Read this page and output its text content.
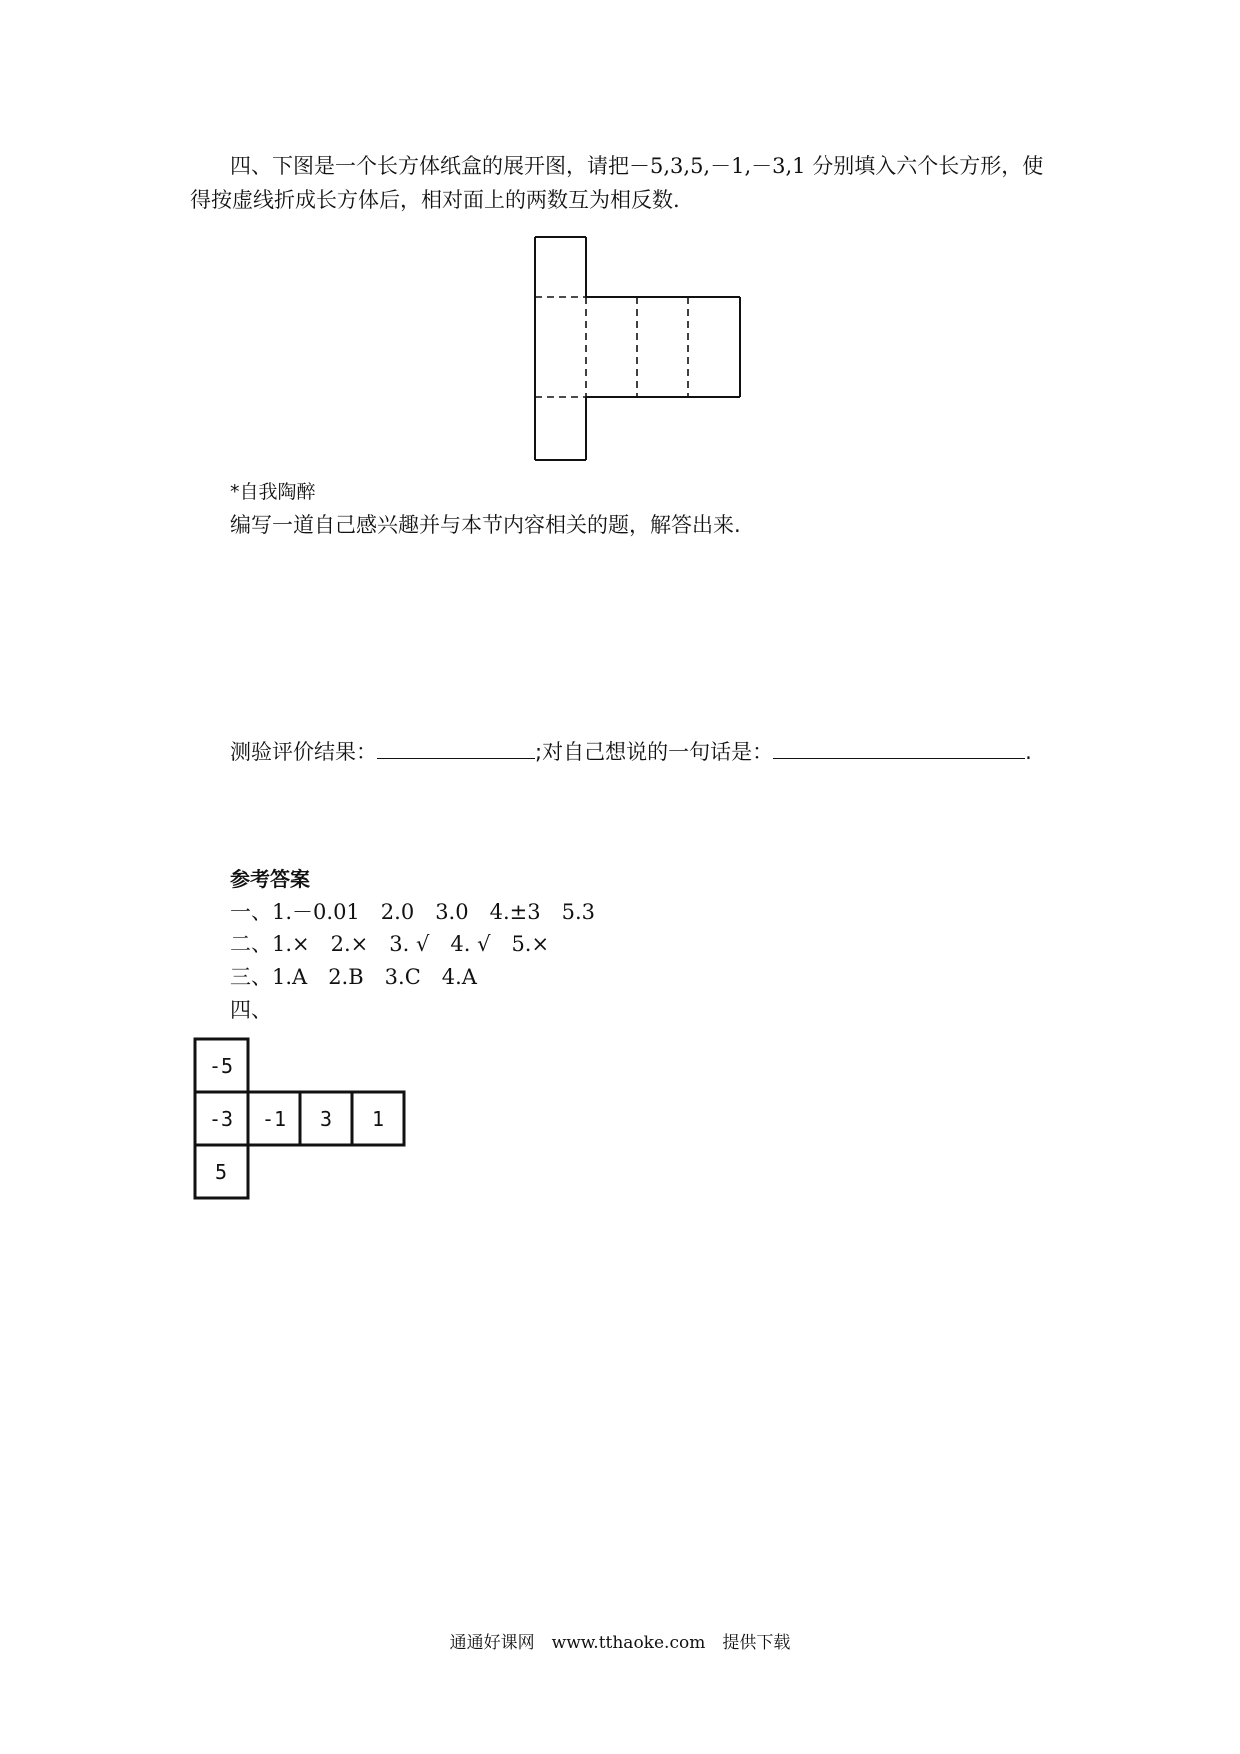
四、下图是一个长方体纸盒的展开图，请把－5,3,5,－1,－3,1 分别填入六个长方形，使
得按虚线折成长方体后，相对面上的两数互为相反数.
*自我陶醉
编写一道自己感兴趣并与本节内容相关的题，解答出来.
测验评价结果：	;对自己想说的一句话是：	.
参考答案
一、1.－0.01　2.0　3.0　4.±3　5.3
二、1.×　2.×　3. √　4. √　5.×
三、1.A　2.B　3.C　4.A
四、
-5
-3 -1 3 1
5
通通好课网　www.tthaoke.com　提供下载
